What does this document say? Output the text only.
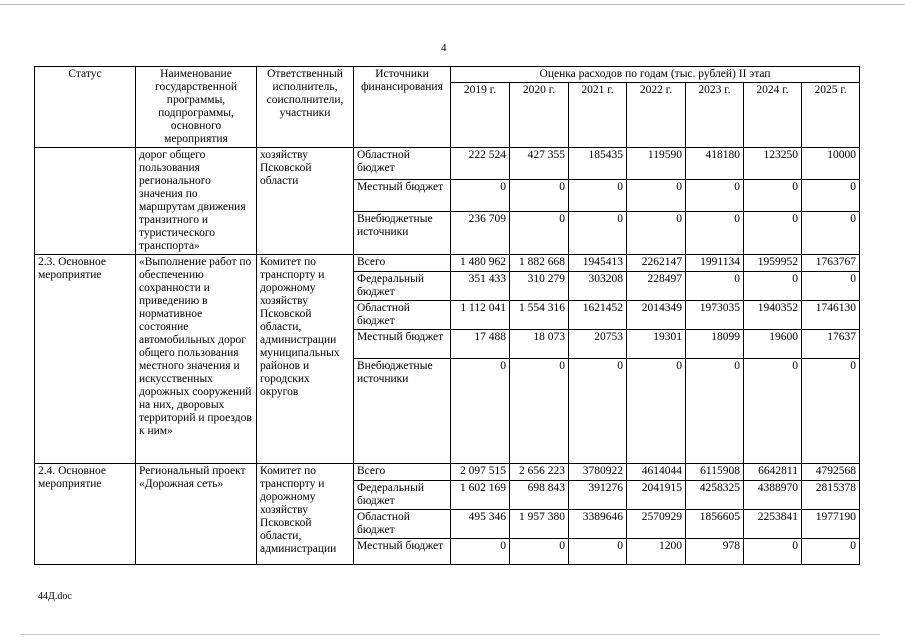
4
Статус	Наименование государственной программы, подпрограммы, основного мероприятия	Ответственный исполнитель, соисполнители, участники	Источники финансирования	Оценка расходов по годам (тыс. рублей) II этап						
				2019 г.	2020 г.	2021 г.	2022 г.	2023 г.	2024 г.	2025 г.
	дорог общего пользования регионального значения по маршрутам движения транзитного и туристического транспорта»	хозяйству Псковской области	Областной бюджет	222 524	427 355	185435	119590	418180	123250	10000
			Местный бюджет	0	0	0	0	0	0	0
			Внебюджетные источники	236 709	0	0	0	0	0	0
2.3. Основное мероприятие	«Выполнение работ по обеспечению сохранности и приведению в нормативное состояние автомобильных дорог общего пользования местного значения и искусственных дорожных сооружений на них, дворовых территорий и проездов к ним»	Комитет по транспорту и дорожному хозяйству Псковской области, администрации муниципальных районов и городских округов	Всего	1 480 962	1 882 668	1945413	2262147	1991134	1959952	1763767
			Федеральный бюджет	351 433	310 279	303208	228497	0	0	0
			Областной бюджет	1 112 041	1 554 316	1621452	2014349	1973035	1940352	1746130
			Местный бюджет	17 488	18 073	20753	19301	18099	19600	17637
			Внебюджетные источники	0	0	0	0	0	0	0
2.4. Основное мероприятие	Региональный проект «Дорожная сеть»	Комитет по транспорту и дорожному хозяйству Псковской области, администрации	Всего	2 097 515	2 656 223	3780922	4614044	6115908	6642811	4792568
			Федеральный бюджет	1 602 169	698 843	391276	2041915	4258325	4388970	2815378
			Областной бюджет	495 346	1 957 380	3389646	2570929	1856605	2253841	1977190
			Местный бюджет	0	0	0	1200	978	0	0
44Д.doc
